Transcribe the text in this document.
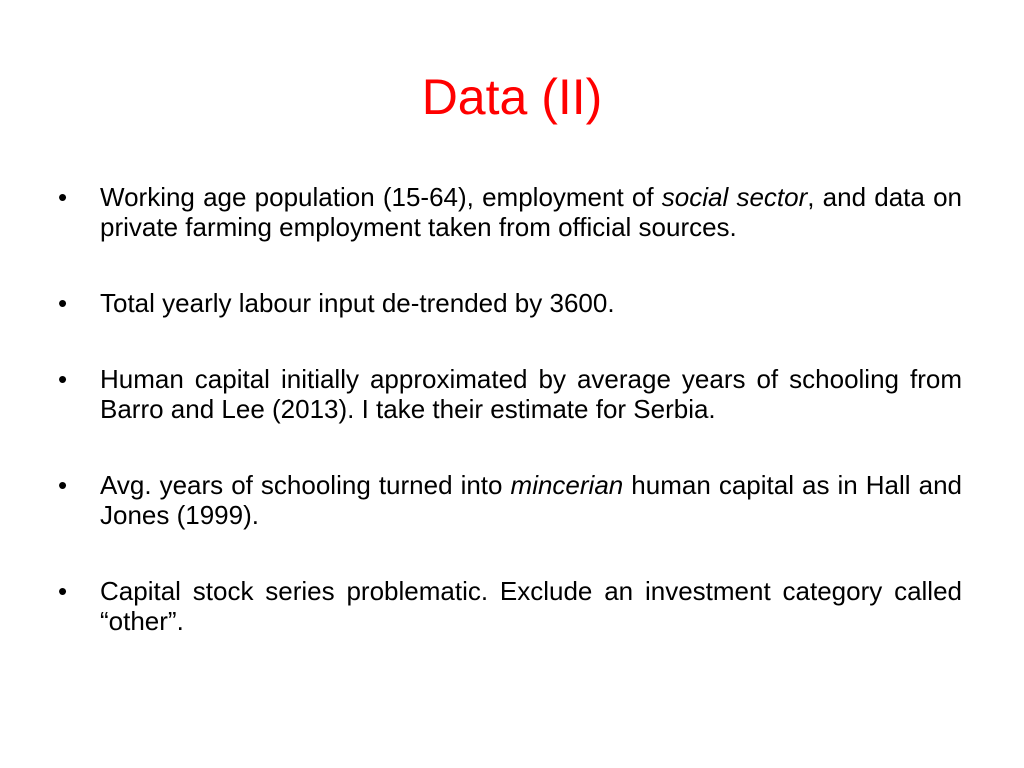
Data (II)
•	Working age population (15-64), employment of social sector, and data on private farming employment taken from official sources.
•	Total yearly labour input de-trended by 3600.
•	Human capital initially approximated by average years of schooling from Barro and Lee (2013). I take their estimate for Serbia.
•	Avg. years of schooling turned into mincerian human capital as in Hall and Jones (1999).
•	Capital stock series problematic. Exclude an investment category called “other”.
